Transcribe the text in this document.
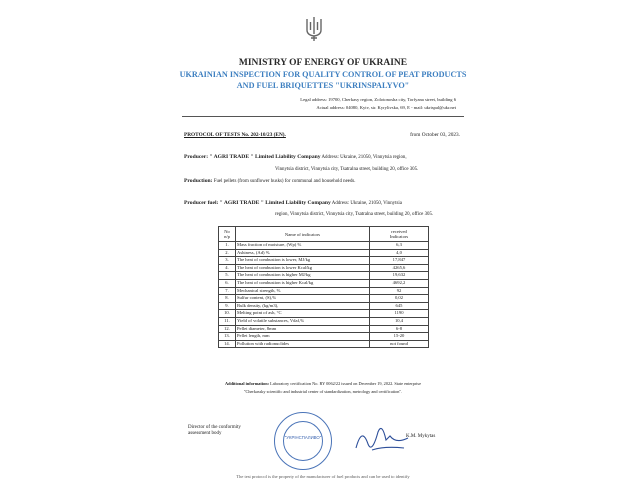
MINISTRY OF ENERGY OF UKRAINE
UKRAINIAN INSPECTION FOR QUALITY CONTROL OF PEAT PRODUCTS
AND FUEL BRIQUETTES "UKRINSPALYVO"
Legal address: 19700, Cherkasy region, Zolotonosha city, Torfyana street, building 6
Actual address: 04080, Kyiv, str. Kyrylivska, 69, E - mail: ukrispal@ukr.net
PROTOCOL OF TESTS No. 202-10/23 (EN).	from October 03, 2023.
Producer: " AGRI TRADE " Limited Liability Company Address: Ukraine, 21050, Vinnytsia region,
Vinnytsia district, Vinnytsia city, Tsatralna street, building 20, office 305.
Production: Fuel pellets (from sunflower husks) for communal and household needs.
Producer fuel: " AGRI TRADE " Limited Liability Company Address: Ukraine, 21050, Vinnytsia
region, Vinnytsia district, Vinnytsia city, Tsatralna street, building 20, office 305.
No
n/p	Name of indicators	received
Indicators
1.	Mass fraction of moisture, (Wp) %	6,3
2.	Ashiness, (Ad) %	4,0
3.	The heat of combustion is lower, MJ/kg	17,847
4.	The heat of combustion is lower Kcal/kg	4265,6
5.	The heat of combustion is higher MJ/kg	19,632
6.	The heat of combustion is higher Kcal/kg	4692,2
7.	Mechanical strength, %	92
8.	Sulfur content, (S),%	0,02
9.	Bulk density, (kg/m3),	645
10.	Melting point of ash, °C	1190
11.	Yield of volatile substances, Vdaf,%	10,4
12.	Pellet diameter, 8mm	6-8
13.	Pellet length, mm	15-20
14.	Pollution with radionuclides	not found
Additional information: Laboratory certification No. RY 0062/22 issued on December 19, 2022. State enterprise
"Cherkassky scientific and industrial center of standardization, metrology and certification".
Director of the conformity
assessment body
"УКРІНСПАЛИВО"	K.M. Mykytas
The test protocol is the property of the manufacturer of fuel products and can be used to identify
